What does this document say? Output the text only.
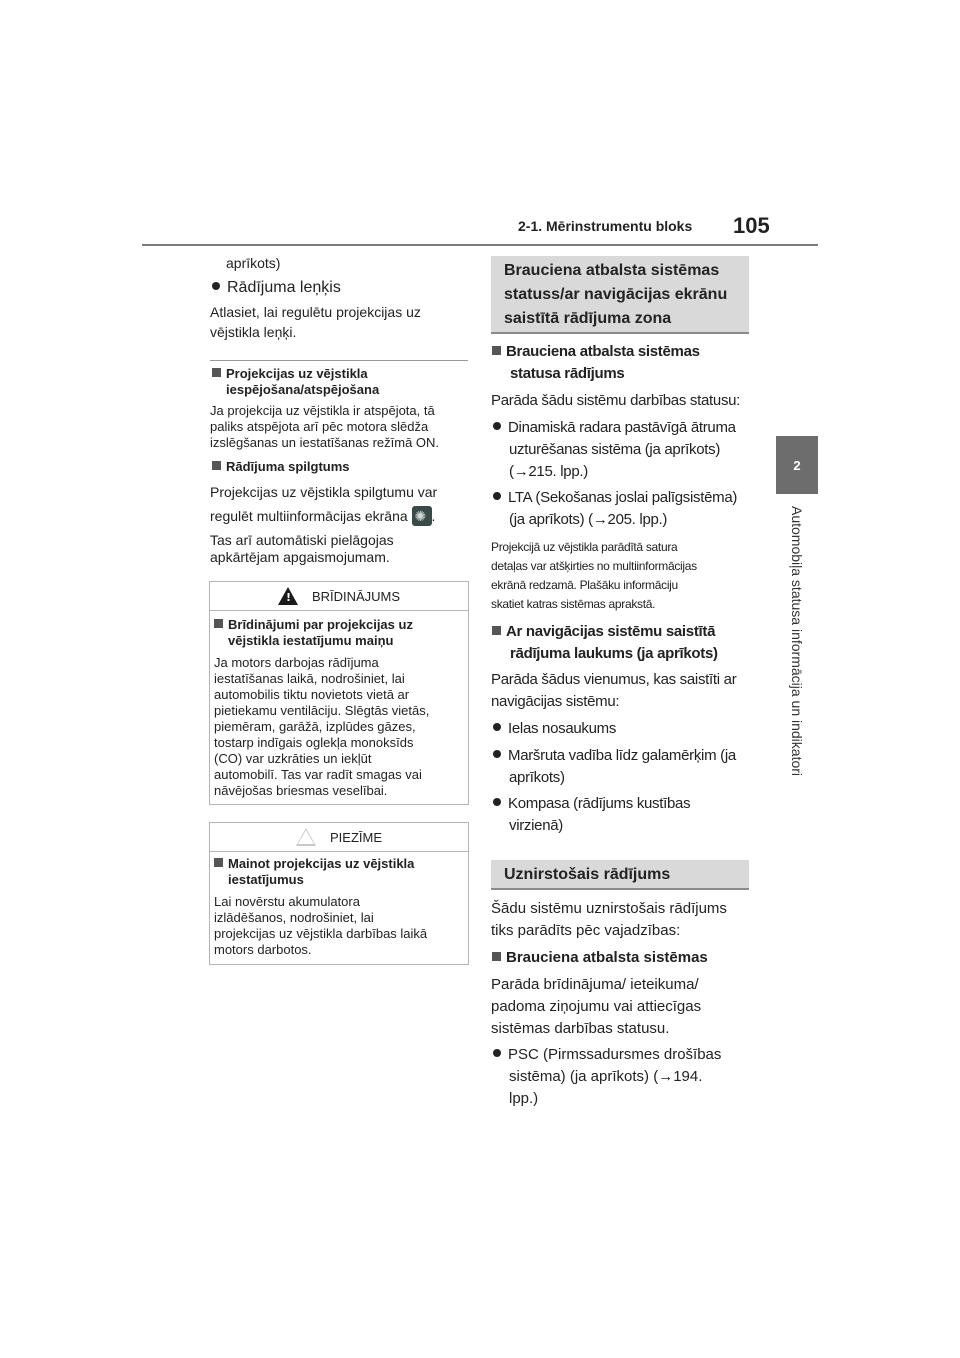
2-1. Mērinstrumentu bloks 105
2
Automobiļa statusa informācija un indikatori
aprīkots)
Rādījuma leņķis
Atlasiet, lai regulētu projekcijas uz
vējstikla leņķi.
Projekcijas uz vējstikla
iespējošana/atspējošana
Ja projekcija uz vējstikla ir atspējota, tā
paliks atspējota arī pēc motora slēdža
izslēgšanas un iestatīšanas režīmā ON.
Rādījuma spilgtums
Projekcijas uz vējstikla spilgtumu var
regulēt multiinformācijas ekrāna ✺ .
Tas arī automātiski pielāgojas
apkārtējam apgaismojumam.
!
BRĪDINĀJUMS
Brīdinājumi par projekcijas uz
vējstikla iestatījumu maiņu
Ja motors darbojas rādījuma
iestatīšanas laikā, nodrošiniet, lai
automobilis tiktu novietots vietā ar
pietiekamu ventilāciju. Slēgtās vietās,
piemēram, garāžā, izplūdes gāzes,
tostarp indīgais oglekļa monoksīds
(CO) var uzkrāties un iekļūt
automobilī. Tas var radīt smagas vai
nāvējošas briesmas veselībai.
PIEZĪME
Mainot projekcijas uz vējstikla
iestatījumus
Lai novērstu akumulatora
izlādēšanos, nodrošiniet, lai
projekcijas uz vējstikla darbības laikā
motors darbotos.
Brauciena atbalsta sistēmas
statuss/ar navigācijas ekrānu
saistītā rādījuma zona
Brauciena atbalsta sistēmas
statusa rādījums
Parāda šādu sistēmu darbības statusu:
Dinamiskā radara pastāvīgā ātruma
uzturēšanas sistēma (ja aprīkots)
(→215. lpp.)
LTA (Sekošanas joslai palīgsistēma)
(ja aprīkots) (→205. lpp.)
Projekcijā uz vējstikla parādītā satura
detaļas var atšķirties no multiinformācijas
ekrānā redzamā. Plašāku informāciju
skatiet katras sistēmas aprakstā.
Ar navigācijas sistēmu saistītā
rādījuma laukums (ja aprīkots)
Parāda šādus vienumus, kas saistīti ar
navigācijas sistēmu:
Ielas nosaukums
Maršruta vadība līdz galamērķim (ja
aprīkots)
Kompasa (rādījums kustības
virzienā)
Uznirstošais rādījums
Šādu sistēmu uznirstošais rādījums
tiks parādīts pēc vajadzības:
Brauciena atbalsta sistēmas
Parāda brīdinājuma/ ieteikuma/
padoma ziņojumu vai attiecīgas
sistēmas darbības statusu.
PSC (Pirmssadursmes drošības
sistēma) (ja aprīkots) (→194.
lpp.)
